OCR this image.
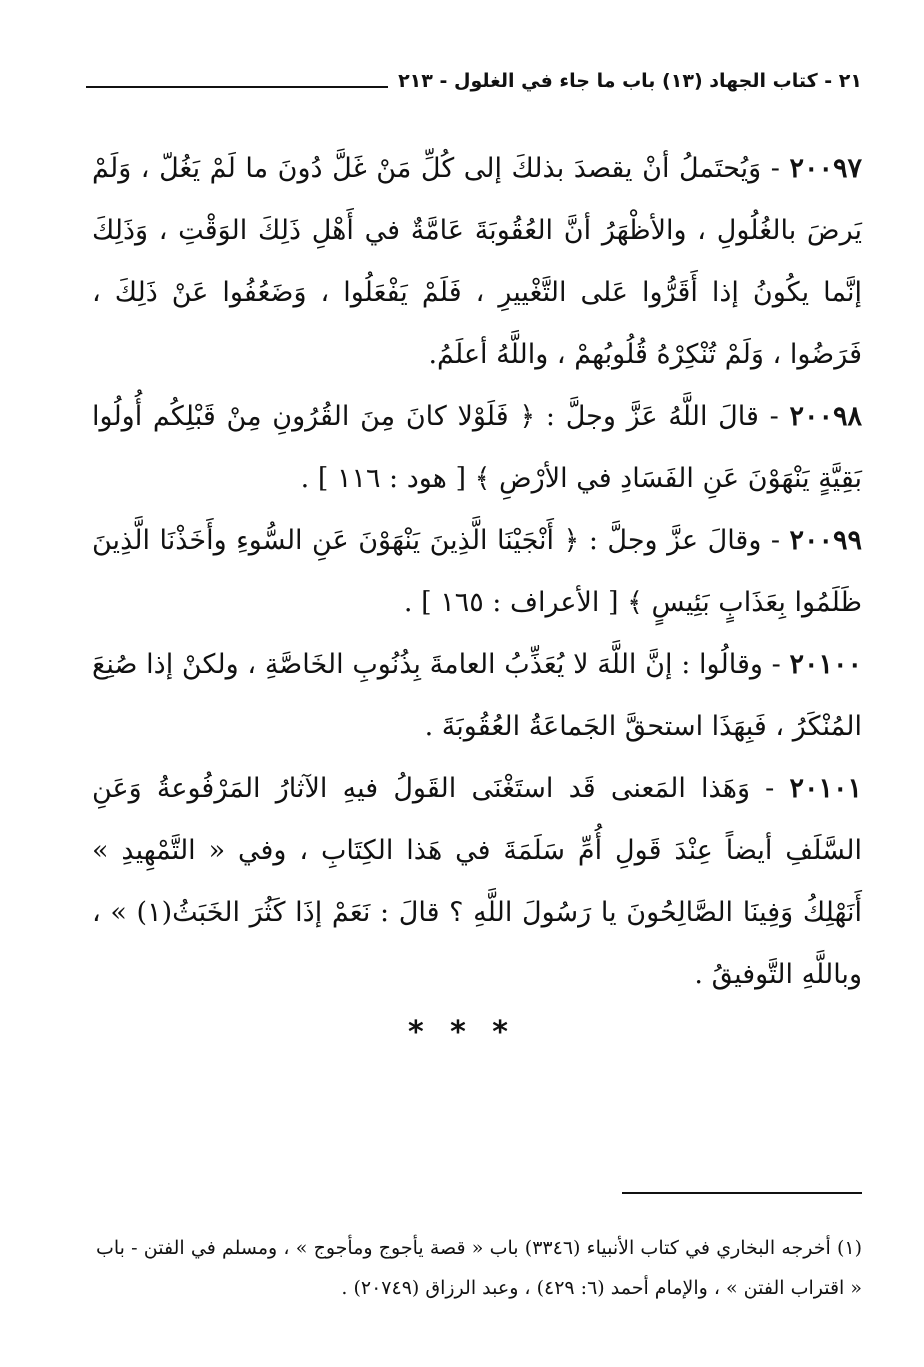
٢١ - كتاب الجهاد (١٣) باب ما جاء في الغلول - ٢١٣

٢٠٠٩٧ - وَيُحتَملُ أنْ يقصدَ بذلكَ إلى كُلِّ مَنْ غَلَّ دُونَ ما لَمْ يَغُلّ ، وَلَمْ يَرضَ بالغُلُولِ ، والأظْهَرُ أنَّ العُقُوبَةَ عَامَّةٌ في أَهْلِ ذَلِكَ الوَقْتِ ، وَذَلِكَ إنَّما يكُونُ إذا أَقَرُّوا عَلى التَّغْييرِ ، فَلَمْ يَفْعَلُوا ، وَضَعُفُوا عَنْ ذَلِكَ ، فَرَضُوا ، وَلَمْ تُنْكِرْهُ قُلُوبُهمْ ، واللَّهُ أعلَمُ.

٢٠٠٩٨ - قالَ اللَّهُ عَزَّ وجلَّ : ﴿ فَلَوْلا كانَ مِنَ القُرُونِ مِنْ قَبْلِكُم أُولُوا بَقِيَّةٍ يَنْهَوْنَ عَنِ الفَسَادِ في الأرْضِ ﴾ [ هود : ١١٦ ] .

٢٠٠٩٩ - وقالَ عزَّ وجلَّ : ﴿ أَنْجَيْنَا الَّذِينَ يَنْهَوْنَ عَنِ السُّوءِ وأَخَذْنَا الَّذِينَ ظَلَمُوا بِعَذَابٍ بَئِيسٍ ﴾ [ الأعراف : ١٦٥ ] .

٢٠١٠٠ - وقالُوا : إنَّ اللَّهَ لا يُعَذِّبُ العامةَ بِذُنُوبِ الخَاصَّةِ ، ولكنْ إذا صُنِعَ المُنْكَرُ ، فَبِهَذَا استحقَّ الجَماعَةُ العُقُوبَةَ .

٢٠١٠١ - وَهَذا المَعنى قَد استَغْنَى القَولُ فيهِ الآثارُ المَرْفُوعةُ وَعَنِ السَّلَفِ أيضاً عِنْدَ قَولِ أُمِّ سَلَمَةَ في هَذا الكِتَابِ ، وفي « التَّمْهِيدِ » أَنَهْلِكُ وَفِينَا الصَّالِحُونَ يا رَسُولَ اللَّهِ ؟ قالَ : نَعَمْ إذَا كَثُرَ الخَبَثُ(١) » ، وباللَّهِ التَّوفيقُ .

* * *

(١) أخرجه البخاري في كتاب الأنبياء (٣٣٤٦) باب « قصة يأجوج ومأجوج » ، ومسلم في الفتن - باب « اقتراب الفتن » ، والإمام أحمد (٦: ٤٢٩) ، وعبد الرزاق (٢٠٧٤٩) .
